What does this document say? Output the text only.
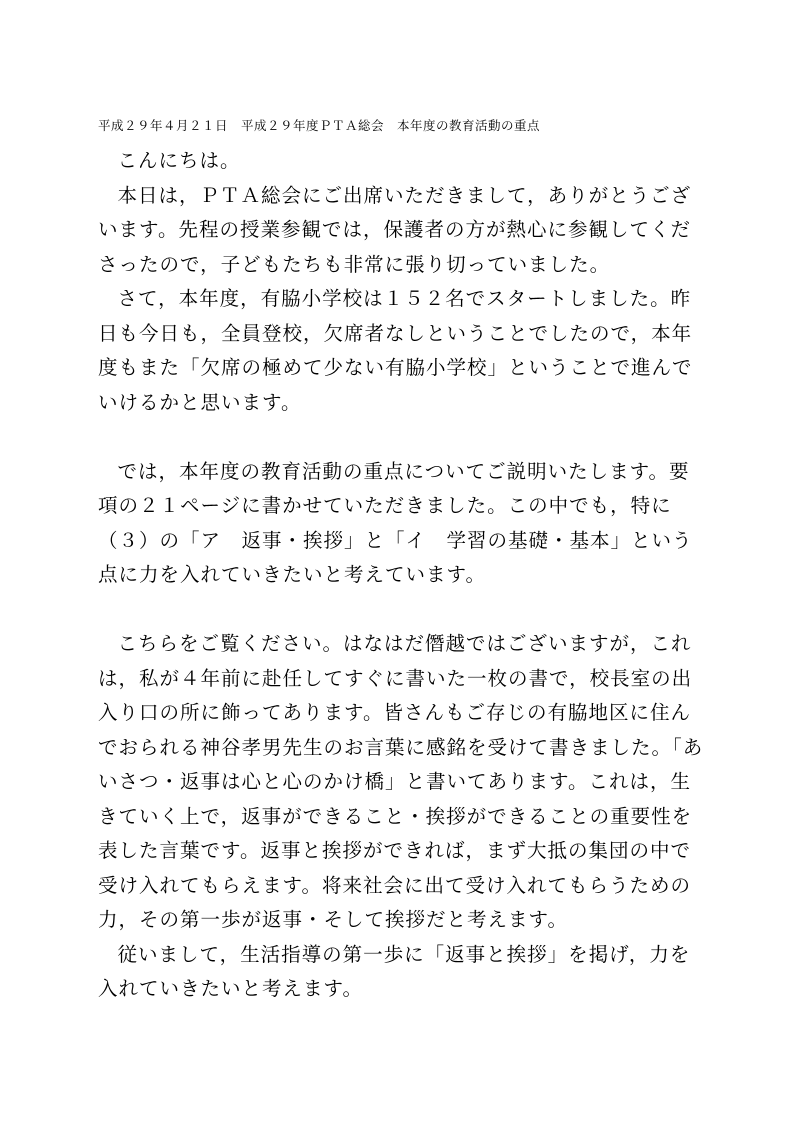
平成２９年４月２１日　平成２９年度ＰＴＡ総会　本年度の教育活動の重点

こんにちは。

本日は，ＰＴＡ総会にご出席いただきまして，ありがとうございます。先程の授業参観では，保護者の方が熱心に参観してくださったので，子どもたちも非常に張り切っていました。

さて，本年度，有脇小学校は１５２名でスタートしました。昨日も今日も，全員登校，欠席者なしということでしたので，本年度もまた「欠席の極めて少ない有脇小学校」ということで進んでいけるかと思います。

では，本年度の教育活動の重点についてご説明いたします。要項の２１ページに書かせていただきました。この中でも，特に（３）の「ア　返事・挨拶」と「イ　学習の基礎・基本」という点に力を入れていきたいと考えています。

こちらをご覧ください。はなはだ僭越ではございますが，これは，私が４年前に赴任してすぐに書いた一枚の書で，校長室の出入り口の所に飾ってあります。皆さんもご存じの有脇地区に住んでおられる神谷孝男先生のお言葉に感銘を受けて書きました。「あいさつ・返事は心と心のかけ橋」と書いてあります。これは，生きていく上で，返事ができること・挨拶ができることの重要性を表した言葉です。返事と挨拶ができれば，まず大抵の集団の中で受け入れてもらえます。将来社会に出て受け入れてもらうための力，その第一歩が返事・そして挨拶だと考えます。

従いまして，生活指導の第一歩に「返事と挨拶」を掲げ，力を入れていきたいと考えます。
